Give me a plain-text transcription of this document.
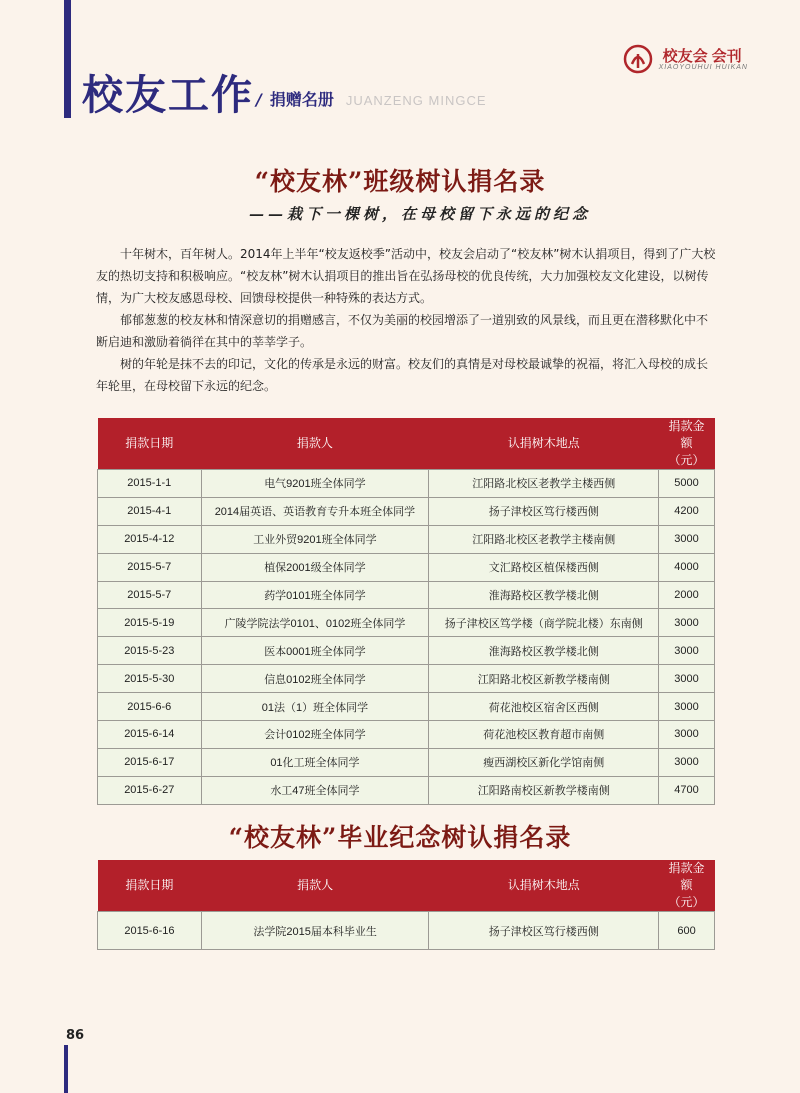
校友工作 / 捐赠名册 JUANZENG MINGCE
校友会 会刊
XIAOYOUHUI HUIKAN
“校友林”班级树认捐名录
——栽下一棵树，在母校留下永远的纪念

十年树木，百年树人。2014年上半年“校友返校季”活动中，校友会启动了“校友林”树木认捐项目，得到了广大校友的热切支持和积极响应。“校友林”树木认捐项目的推出旨在弘扬母校的优良传统，大力加强校友文化建设，以树传情，为广大校友感恩母校、回馈母校提供一种特殊的表达方式。

郁郁葱葱的校友林和情深意切的捐赠感言，不仅为美丽的校园增添了一道别致的风景线，而且更在潜移默化中不断启迪和激励着徜徉在其中的莘莘学子。

树的年轮是抹不去的印记，文化的传承是永远的财富。校友们的真情是对母校最诚挚的祝福，将汇入母校的成长年轮里，在母校留下永远的纪念。

捐款日期	捐款人	认捐树木地点	捐款金额
（元）
2015-1-1	电气9201班全体同学	江阳路北校区老教学主楼西侧	5000
2015-4-1	2014届英语、英语教育专升本班全体同学	扬子津校区笃行楼西侧	4200
2015-4-12	工业外贸9201班全体同学	江阳路北校区老教学主楼南侧	3000
2015-5-7	植保2001级全体同学	文汇路校区植保楼西侧	4000
2015-5-7	药学0101班全体同学	淮海路校区教学楼北侧	2000
2015-5-19	广陵学院法学0101、0102班全体同学	扬子津校区笃学楼（商学院北楼）东南侧	3000
2015-5-23	医本0001班全体同学	淮海路校区教学楼北侧	3000
2015-5-30	信息0102班全体同学	江阳路北校区新教学楼南侧	3000
2015-6-6	01法（1）班全体同学	荷花池校区宿舍区西侧	3000
2015-6-14	会计0102班全体同学	荷花池校区教育超市南侧	3000
2015-6-17	01化工班全体同学	瘦西湖校区新化学馆南侧	3000
2015-6-27	水工47班全体同学	江阳路南校区新教学楼南侧	4700
“校友林”毕业纪念树认捐名录
捐款日期	捐款人	认捐树木地点	捐款金额
（元）
2015-6-16	法学院2015届本科毕业生	扬子津校区笃行楼西侧	600
86
